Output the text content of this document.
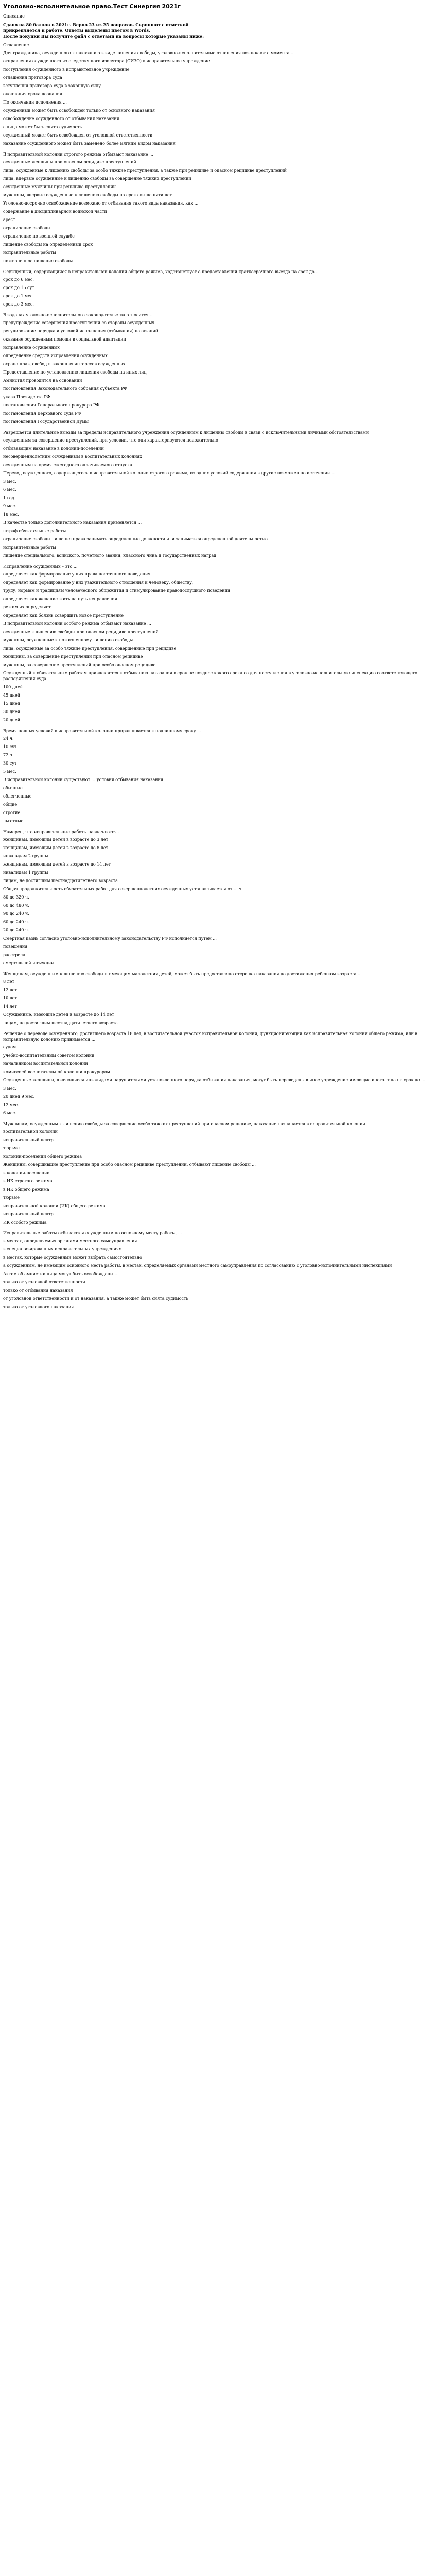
Уголовно-исполнительное право.Тест Синергия 2021г
Описание

Сдано на 80 баллов в 2021г. Верно 23 из 25 вопросов. Скриншот с отметкой

прикрепляется к работе. Ответы выделены цветом в Words.

После покупки Вы получите файл с ответами на вопросы которые указаны ниже:

Оглавление
Для гражданина, осужденного к наказанию в виде лишения свободы, уголовно-исполнительные отношения возникают с момента ...
отправления осужденного из следственного изолятора (СИЗО) в исправительное учреждение
поступления осужденного в исправительное учреждение
оглашения приговора суда
вступления приговора суда в законную силу
окончания срока дознания
По окончании исполнения ...
осужденный может быть освобожден только от основного наказания
освобождение осужденного от отбывания наказания
с лица может быть снята судимость
осужденный может быть освобожден от уголовной ответственности
наказание осужденного может быть заменено более мягким видом наказания
В исправительной колонии строгого режима отбывают наказание ...
осужденные женщины при опасном рецидиве преступлений
лица, осужденные к лишению свободы за особо тяжкие преступления, а также при рецидиве и опасном рецидиве преступлений
лица, впервые осужденные к лишению свободы за совершение тяжких преступлений
осужденные мужчины при рецидиве преступлений
мужчины, впервые осужденные к лишению свободы на срок свыше пяти лет
Уголовно-досрочно освобождение возможно от отбывания такого вида наказания, как ...
содержание в дисциплинарной воинской части
арест
ограничение свободы
ограничение по военной службе
лишение свободы на определенный срок
исправительные работы
пожизненное лишение свободы
Осужденный, содержащийся в исправительной колонии общего режима, ходатайствует о предоставлении краткосрочного выезда на срок до ...
срок до 6 мес.
срок до 15 сут
срок до 1 мес.
срок до 3 мес.
В задачах уголовно-исполнительного законодательства относится ...
предупреждение совершения преступлений со стороны осужденных
регулирование порядка и условий исполнения (отбывания) наказаний
оказание осужденным помощи в социальной адаптации
исправление осужденных
определение средств исправления осужденных
охрана прав, свобод и законных интересов осужденных
Предоставление по установлению лишения свободы на иных лиц
Амнистия проводится на основании
постановления Законодательного собрания субъекта РФ
указа Президента РФ
постановления Генерального прокурора РФ
постановления Верховного суда РФ
постановления Государственной Думы
Разрешается длительные выезды за пределы исправительного учреждения осужденным к лишению свободы в связи с исключительными личными обстоятельствами
осужденным за совершение преступлений, при условии, что они характеризуются положительно
отбывающим наказание в колонии-поселении
несовершеннолетним осужденным в воспитательных колониях
осужденным на время ежегодного оплачиваемого отпуска
Перевод осужденного, содержащегося в исправительной колонии строгого режима, из одних условий содержания в другие возможен по истечении ...
3 мес.
6 мес.
1 год
9 мес.
18 мес.
В качестве только дополнительного наказания применяется ...
штраф обязательные работы
ограничение свободы лишение права занимать определенные должности или заниматься определенной деятельностью
исправительные работы
лишение специального, воинского, почетного звания, классного чина и государственных наград
Исправление осужденных – это ...
определяет как формирование у них права постоянного поведения
определяет как формирование у них уважительного отношения к человеку, обществу,
труду, нормам и традициям человеческого общежития и стимулирование правопослушного поведения
определяет как желание жить на путь исправления
режим их определяет
определяет как боязнь совершить новое преступление
В исправительной колонии особого режима отбывают наказание ...
осужденные к лишению свободы при опасном рецидиве преступлений
мужчины, осужденные к пожизненному лишению свободы
лица, осужденные за особо тяжкие преступления, совершенные при рецидиве
женщины, за совершение преступлений при опасном рецидиве
мужчины, за совершение преступлений при особо опасном рецидиве
Осужденный к обязательным работам привлекается к отбыванию наказания в срок не позднее какого срока со дня поступления в уголовно-исполнительную инспекцию соответствующего распоряжения суда
100 дней
45 дней
15 дней
30 дней
20 дней
Время полных условий в исправительной колонии приравнивается к подлинному сроку ...
24 ч.
10 сут
72 ч.
30 сут
5 мес.
В исправительной колонии существуют ... условия отбывания наказания
обычные
облегченные
общие
строгие
льготные
Намерен, что исправительные работы назначаются ...
женщинам, имеющим детей в возрасте до 3 лет
женщинам, имеющим детей в возрасте до 8 лет
инвалидам 2 группы
женщинам, имеющим детей в возрасте до 14 лет
инвалидам 1 группы
лицам, не достигшим шестнадцатилетнего возраста
Общая продолжительность обязательных работ для совершеннолетних осужденных устанавливается от ... ч.
80 до 320 ч.
60 до 480 ч.
90 до 240 ч.
60 до 240 ч.
20 до 240 ч.
Смертная казнь согласно уголовно-исполнительному законодательству РФ исполняется путем ...
повешения
расстрела
смертельной инъекции
Женщинам, осужденным к лишению свободы и имеющим малолетних детей, может быть предоставлено отсрочка наказания до достижения ребенком возраста ...
8 лет
12 лет
10 лет
14 лет
Осужденные, имеющие детей в возрасте до 14 лет
лицам, не достигшим шестнадцатилетнего возраста
Решение о переводе осужденного, достигшего возраста 18 лет, в воспитательной участок исправительной колонии, функционирующий как исправительная колония общего режима, или в исправительную колонию принимается ...
судом
учебно-воспитательным советом колонии
начальником воспитательной колонии
комиссией воспитательной колонии прокурором
Осужденные женщины, являющиеся инвалидами нарушителями установленного порядка отбывания наказания, могут быть переведены в иное учреждение имеющие иного типа на срок до ...
3 мес.
20 дней 9 мес.
12 мес.
6 мес.
Мужчинам, осужденным к лишению свободы за совершение особо тяжких преступлений при опасном рецидиве, наказание назначается в исправительной колонии
воспитательной колонии
исправительный центр
тюрьме
колонии-поселении общего режима
Женщины, совершившие преступление при особо опасном рецидиве преступлений, отбывают лишение свободы ...
в колонии-поселении
в ИК строгого режима
в ИК общего режима
тюрьме
исправительной колонии (ИК) общего режима
исправительный центр
ИК особого режима
Исправительные работы отбываются осужденным по основному месту работы, ...
в местах, определяемых органами местного самоуправления
в специализированных исправительных учреждениях
в местах, которые осужденный может выбрать самостоятельно
а осужденным, не имеющим основного места работы, в местах, определяемых органами местного самоуправления по согласованию с уголовно-исполнительными инспекциями
Актом об амнистии лица могут быть освобождены ...
только от уголовной ответственности
только от отбывания наказания
от уголовной ответственности и от наказания, а также может быть снята судимость
только от уголовного наказания
